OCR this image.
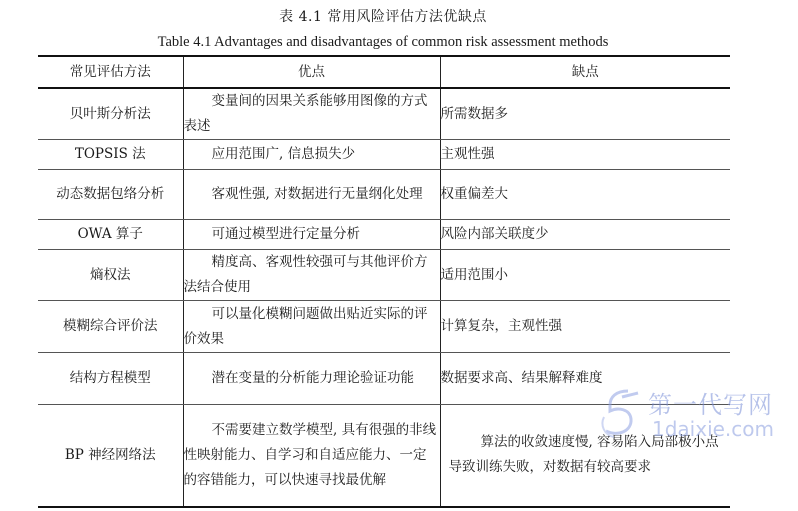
表 4.1 常用风险评估方法优缺点
Table 4.1 Advantages and disadvantages of common risk assessment methods
常见评估方法	优点	缺点
贝叶斯分析法	变量间的因果关系能够用图像的方式表述	所需数据多
TOPSIS 法	应用范围广, 信息损失少	主观性强
动态数据包络分析	客观性强, 对数据进行无量纲化处理	权重偏差大
OWA 算子	可通过模型进行定量分析	风险内部关联度少
熵权法	精度高、客观性较强可与其他评价方法结合使用	适用范围小
模糊综合评价法	可以量化模糊问题做出贴近实际的评价效果	计算复杂，主观性强
结构方程模型	潜在变量的分析能力理论验证功能	数据要求高、结果解释难度
BP 神经网络法	不需要建立数学模型, 具有很强的非线性映射能力、自学习和自适应能力、一定的容错能力，可以快速寻找最优解	算法的收敛速度慢, 容易陷入局部极小点导致训练失败，对数据有较高要求
第一代写网
1daixie.com
